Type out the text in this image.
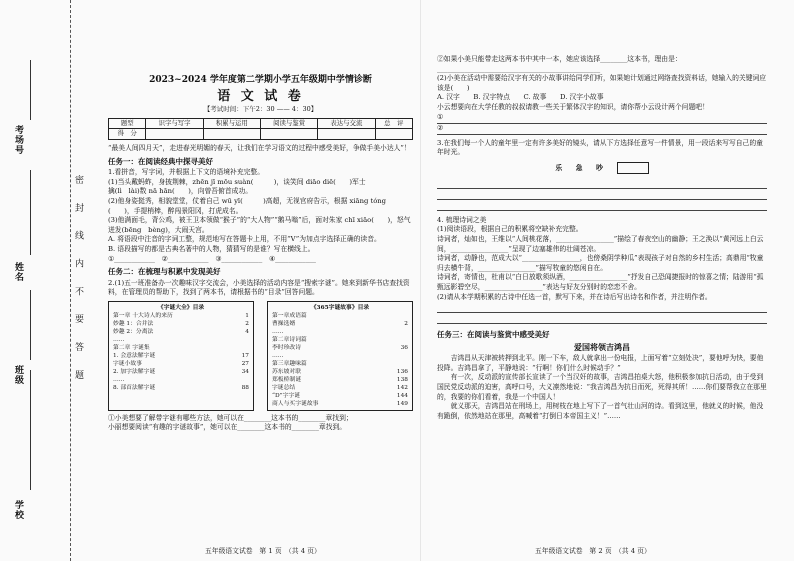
学校
班级
姓名
考场号
密 封 线 内 不 要 答 题
2023~2024 学年度第二学期小学五年级期中学情诊断
语 文 试 卷
【考试时间：下午2：30 —— 4：30】
题型	识字与写字	积累与运用	阅读与鉴赏	表达与交流	总　评
得　分					

“最美人间四月天”，走进春光明媚的春天，让我们在学习语文的过程中感受美好，争做手美小达人”！

任务一：在阅读经典中探寻美好

1.看拼音，写字词，并根据上下文的语境补充完整。

(1)当头戴蚂蚱，身披荆棘，zhēn jī mōu suàn(　　　)，谈笑间 diāo diē(　　)军士

擒(lì　lài)数 nā hān(　　)，向曾吾俯首成功。

(2)他身姿挺秀，相貌堂堂，仗着自己 wū yī(　　　)高超，无视官府告示，根据 xiāng tóng

(　　)，手提梢棒，醉闯景阳冈，打虎成名。

(3)他满面毛，背公鸡，被王卫本领做“猴子”的“大人物”“鹅马嗡”后，面对朱家 chī xiāo(　　)，怒气

迸发(bēng　bèng)，大闹天宫。

A. 将语段中注音的字词工整，规范地写在答题卡上用，不用“V”为加点字选择正确的读音。

B. 语段描写的都是古典名著中的人物，猜猜写的是谁？写在横线上。

①____________　②____________　③____________　④____________

任务二：在梳理与积累中发现美好

2.(1)五一班准备办一次趣味汉字交流会，小美选择的活动内容是“搜索字谜”。她来到新华书店查找资料，在管理员的帮助下，找到了两本书，请根据书的“目录”回答问题。

《字谜大全》目录
第一章 十大诗人的来历	1
妙趣 1：合并法	2
妙趣 2：分离法	4
……
第二章 字谜集
1. 会意法解字谜	17
字谜小故事	27
2. 加字法解字谜	34
……
8. 部首法解字谜	88
《365字谜故事》目录
第一章成语篇
曹操选婿	2
……
第二章诗词篇
李时珍改诗	36
……
第三章趣味篇
苏东坡对联	136
郑板桥制谜	138
字谜总结	142
“D”字字谜	144
商人与买字谜故事	149

①小美想要了解带字谜有哪些方法，她可以在________这本书的________章找到；

小丽想要阅读“有趣的字谜故事”，她可以在________这本书的________章找到。

五年级语文试卷　第 1 页　（共 4 页）

②如果小美只能带走这两本书中其中一本，她应该选择________这本书，理由是：

________________________________________________

(2)小美在活动中需要给汉字有关的小故事讲给同学们听，如果她计划通过网络查找资料话，她输入的关键词应该是(　　)

A. 汉字　　B. 汉字特点　　C. 故事　　D. 汉字小故事

小云想要向在大学任教的叔叔请教一些关于繁体汉字的知识，请你帮小云设计两个问题吧！

①
②

3.在我们每一个人的童年里一定有许多美好的镜头，请从下方选择任意写一件情景，用一段话来写写自己的童年时光。

乐　　急　　吵　　

4. 梳理诗词之美

(1)阅读语段，根据自己的积累将空缺补充完整。

诗词者，灿如也，王维以“人间桃花落，_________________”描绘了春夜空山的幽静；王之涣以“黄河远上白云间，_________________”呈现了边塞雄伟的壮阔苍凉。

诗词者，动静也，范成大以“_________________，也傍桑阴学种瓜”表现孩子对自然的乡村生活；高鼎用“牧童归去横牛背，_________________”描写牧童的悠闲自在。

诗词者，寄情也，杜甫以“白日放歌须纵酒，_________________”抒发自己恐闻捷报时的惊喜之情；陆游用“孤甄远影碧空尽，_________________”表达与好友分别时的恋恋不舍。

(2)请从本学期积累的古诗中任选一首，默写下来，并在诗后写出诗名和作者，并注明作者。

任务三：在阅读与鉴赏中感受美好
爱国将领吉鸿昌

　　吉鸿昌从天津被转押到北平。刚一下车，敌人就拿出一份电报，上面写着“立刻处决”，要他呼为快，要他投降。吉鸿昌拿了，平静地说：“行啊！你们什么时候动手？”
　　有一次，反动派的宣传部长宣读了一个当汉奸的故事，吉鸿昌拍桌大怒，他积极参加抗日活动，由于受到国民党反动派的迫害，高呼口号，大义凛然地说：“我吉鸿昌为抗日而死，死得其所！……你们要帮我立在那里的，我要的你们看着，我是一个中国人！
　　就义那天，吉鸿昌站在刑场上，用树枝在地上写下了一首气壮山河的诗。看到这里，他就义的时候，他没有跪倒，依然地站在那里，高喊着“打倒日本帝国主义！”……

五年级语文试卷　第 2 页　（共 4 页）
